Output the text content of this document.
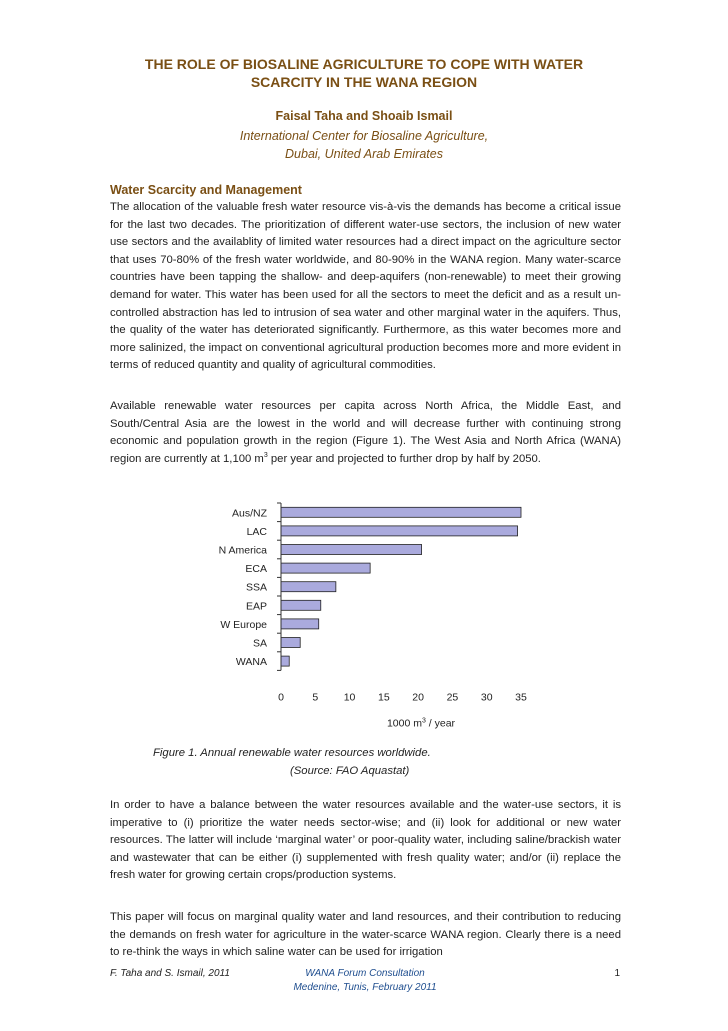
THE ROLE OF BIOSALINE AGRICULTURE TO COPE WITH WATER
SCARCITY IN THE WANA REGION
Faisal Taha and Shoaib Ismail
International Center for Biosaline Agriculture,
Dubai, United Arab Emirates
Water Scarcity and Management
The allocation of the valuable fresh water resource vis-à-vis the demands has become a critical issue for the last two decades. The prioritization of different water-use sectors, the inclusion of new water use sectors and the availablity of limited water resources had a direct impact on the agriculture sector that uses 70-80% of the fresh water worldwide, and 80-90% in the WANA region. Many water-scarce countries have been tapping the shallow- and deep-aquifers (non-renewable) to meet their growing demand for water. This water has been used for all the sectors to meet the deficit and as a result un-controlled abstraction has led to intrusion of sea water and other marginal water in the aquifers. Thus, the quality of the water has deteriorated significantly. Furthermore, as this water becomes more and more salinized, the impact on conventional agricultural production becomes more and more evident in terms of reduced quantity and quality of agricultural commodities.
Available renewable water resources per capita across North Africa, the Middle East, and South/Central Asia are the lowest in the world and will decrease further with continuing strong economic and population growth in the region (Figure 1). The West Asia and North Africa (WANA) region are currently at 1,100 $m^3$ per year and projected to further drop by half by 2050.
Aus/NZ
LAC
N America
ECA
SSA
EAP
W Europe
SA
WANA
0	5 10 15 20 25 30 35
1000 $m^3$ / year
Figure 1. Annual renewable water resources worldwide.
(Source: FAO Aquastat)
In order to have a balance between the water resources available and the water-use sectors, it is imperative to (i) prioritize the water needs sector-wise; and (ii) look for additional or new water resources. The latter will include ‘marginal water’ or poor-quality water, including saline/brackish water and wastewater that can be either (i) supplemented with fresh quality water; and/or (ii) replace the fresh water for growing certain crops/production systems.
This paper will focus on marginal quality water and land resources, and their contribution to reducing the demands on fresh water for agriculture in the water-scarce WANA region. Clearly there is a need to re-think the ways in which saline water can be used for irrigation
F. Taha and S. Ismail, 2011	WANA Forum Consultation
Medenine, Tunis, February 2011
1
